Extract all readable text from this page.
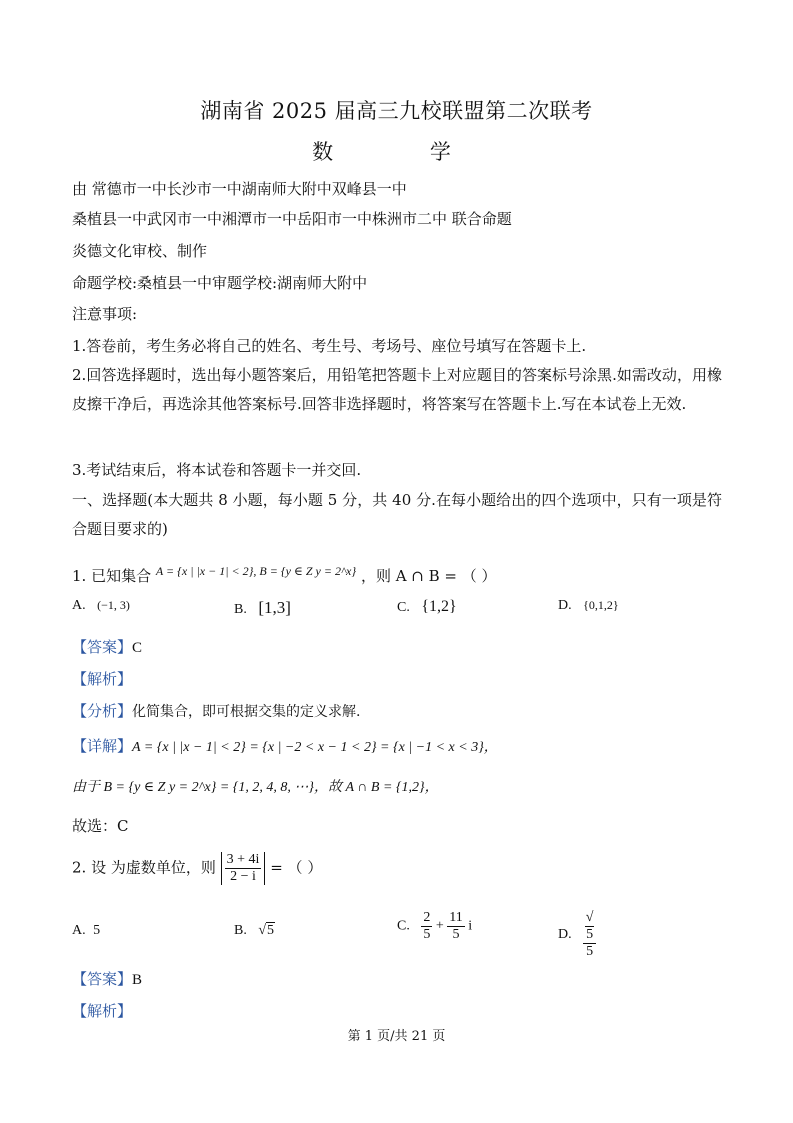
湖南省 2025 届高三九校联盟第二次联考
数 学
由 常德市一中长沙市一中湖南师大附中双峰县一中
桑植县一中武冈市一中湘潭市一中岳阳市一中株洲市二中 联合命题
炎德文化审校、制作
命题学校:桑植县一中审题学校:湖南师大附中
注意事项:
1.答卷前，考生务必将自己的姓名、考生号、考场号、座位号填写在答题卡上.
2.回答选择题时，选出每小题答案后，用铅笔把答题卡上对应题目的答案标号涂黑.如需改动，用橡皮擦干净后，再选涂其他答案标号.回答非选择题时，将答案写在答题卡上.写在本试卷上无效.
3.考试结束后，将本试卷和答题卡一并交回.
一、选择题(本大题共 8 小题，每小题 5 分，共 40 分.在每小题给出的四个选项中，只有一项是符合题目要求的)
1. 已知集合 $^{A = \{x | |x - 1| < 2\}, B = \{y \in Z y = 2\^{}x\}}$ ，则 A ∩ B = （ ）
A. (−1, 3)	B. [1,3]	C. {1,2}	D. {0,1,2}
【答案】C
【解析】
【分析】化简集合，即可根据交集的定义求解.
【详解】A = {x | |x − 1| < 2} = {x | −2 < x − 1 < 2} = {x | −1 < x < 3}，
由于 B = {y ∈ Z y = 2^x} = {1, 2, 4, 8, ⋯}，故 A ∩ B = {1,2}，
故选：C
2. 设 为虚数单位，则 $\frac{3 + 4i}{2 - i}$ = （ ）
A. 5	B. √5	C. $\frac{2}{5} + \frac{11}{5}$ i
D. √
5
5
【答案】B
【解析】
第 1 页/共 21 页
